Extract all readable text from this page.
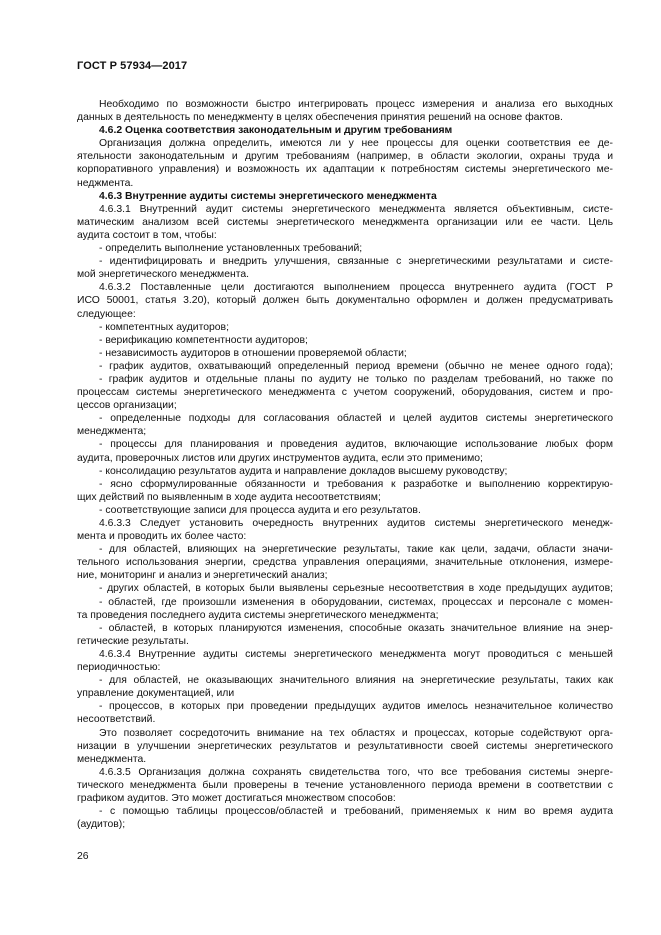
ГОСТ Р 57934—2017
Необходимо по возможности быстро интегрировать процесс измерения и анализа его выходных
данных в деятельность по менеджменту в целях обеспечения принятия решений на основе фактов.
4.6.2 Оценка соответствия законодательным и другим требованиям
Организация должна определить, имеются ли у нее процессы для оценки соответствия ее де-
ятельности законодательным и другим требованиям (например, в области экологии, охраны труда и
корпоративного управления) и возможность их адаптации к потребностям системы энергетического ме-
неджмента.
4.6.3 Внутренние аудиты системы энергетического менеджмента
4.6.3.1 Внутренний аудит системы энергетического менеджмента является объективным, систе-
матическим анализом всей системы энергетического менеджмента организации или ее части. Цель
аудита состоит в том, чтобы:
- определить выполнение установленных требований;
- идентифицировать и внедрить улучшения, связанные с энергетическими результатами и систе-
мой энергетического менеджмента.
4.6.3.2 Поставленные цели достигаются выполнением процесса внутреннего аудита (ГОСТ Р
ИСО 50001, статья 3.20), который должен быть документально оформлен и должен предусматривать
следующее:
- компетентных аудиторов;
- верификацию компетентности аудиторов;
- независимость аудиторов в отношении проверяемой области;
- график аудитов, охватывающий определенный период времени (обычно не менее одного года);
- график аудитов и отдельные планы по аудиту не только по разделам требований, но также по
процессам системы энергетического менеджмента с учетом сооружений, оборудования, систем и про-
цессов организации;
- определенные подходы для согласования областей и целей аудитов системы энергетического
менеджмента;
- процессы для планирования и проведения аудитов, включающие использование любых форм
аудита, проверочных листов или других инструментов аудита, если это применимо;
- консолидацию результатов аудита и направление докладов высшему руководству;
- ясно сформулированные обязанности и требования к разработке и выполнению корректирую-
щих действий по выявленным в ходе аудита несоответствиям;
- соответствующие записи для процесса аудита и его результатов.
4.6.3.3 Следует установить очередность внутренних аудитов системы энергетического менедж-
мента и проводить их более часто:
- для областей, влияющих на энергетические результаты, такие как цели, задачи, области значи-
тельного использования энергии, средства управления операциями, значительные отклонения, измере-
ние, мониторинг и анализ и энергетический анализ;
- других областей, в которых были выявлены серьезные несоответствия в ходе предыдущих аудитов;
- областей, где произошли изменения в оборудовании, системах, процессах и персонале с момен-
та проведения последнего аудита системы энергетического менеджмента;
- областей, в которых планируются изменения, способные оказать значительное влияние на энер-
гетические результаты.
4.6.3.4 Внутренние аудиты системы энергетического менеджмента могут проводиться с меньшей
периодичностью:
- для областей, не оказывающих значительного влияния на энергетические результаты, таких как
управление документацией, или
- процессов, в которых при проведении предыдущих аудитов имелось незначительное количество
несоответствий.
Это позволяет сосредоточить внимание на тех областях и процессах, которые содействуют орга-
низации в улучшении энергетических результатов и результативности своей системы энергетического
менеджмента.
4.6.3.5 Организация должна сохранять свидетельства того, что все требования системы энерге-
тического менеджмента были проверены в течение установленного периода времени в соответствии с
графиком аудитов. Это может достигаться множеством способов:
- с помощью таблицы процессов/областей и требований, применяемых к ним во время аудита
(аудитов);
26
